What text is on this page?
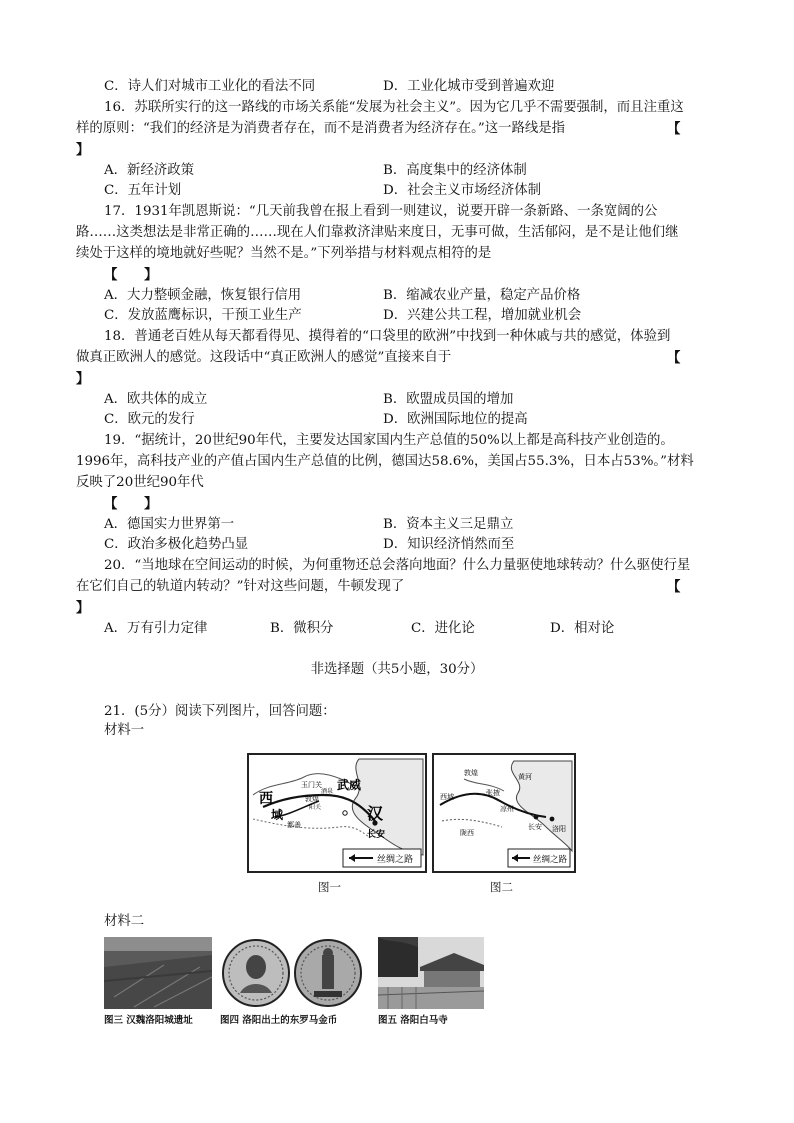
C．诗人们对城市工业化的看法不同	D．工业化城市受到普遍欢迎
16．苏联所实行的这一路线的市场关系能“发展为社会主义”。因为它几乎不需要强制，而且注重这
样的原则：“我们的经济是为消费者存在，而不是消费者为经济存在。”这一路线是指	【
】
A．新经济政策	B．高度集中的经济体制
C．五年计划	D．社会主义市场经济体制
17．1931年凯恩斯说：“几天前我曾在报上看到一则建议，说要开辟一条新路、一条宽阔的公
路……这类想法是非常正确的……现在人们靠救济津贴来度日，无事可做，生活郁闷，是不是让他们继
续处于这样的境地就好些呢？当然不是。”下列举措与材料观点相符的是
【　　】
A．大力整顿金融，恢复银行信用	B．缩减农业产量，稳定产品价格
C．发放蓝鹰标识，干预工业生产	D．兴建公共工程，增加就业机会
18．普通老百姓从每天都看得见、摸得着的“口袋里的欧洲”中找到一种休戚与共的感觉，体验到
做真正欧洲人的感觉。这段话中“真正欧洲人的感觉”直接来自于	【
】
A．欧共体的成立	B．欧盟成员国的增加
C．欧元的发行	D．欧洲国际地位的提高
19．“据统计，20世纪90年代，主要发达国家国内生产总值的50%以上都是高科技产业创造的。
1996年，高科技产业的产值占国内生产总值的比例，德国达58.6%，美国占55.3%，日本占53%。”材料
反映了20世纪90年代
【　　】
A．德国实力世界第一	B．资本主义三足鼎立
C．政治多极化趋势凸显	D．知识经济悄然而至
20．“当地球在空间运动的时候，为何重物还总会落向地面？什么力量驱使地球转动？什么驱使行星
在它们自己的轨道内转动？”针对这些问题，牛顿发现了	【
】
A．万有引力定律	B．微积分	C．进化论	D．相对论
非选择题（共5小题，30分）
21．(5分）阅读下列图片，回答问题：
材料一
西
域
玉门关
敦煌
阳关
鄯善
酒泉 武威
汉
长安
丝绸之路
图一
黄河
长安 洛阳
西域
敦煌
张掖
凉州
陇西
丝绸之路
图二
材料二
图三 汉魏洛阳城遗址	图四 洛阳出土的东罗马金币	图五 洛阳白马寺
